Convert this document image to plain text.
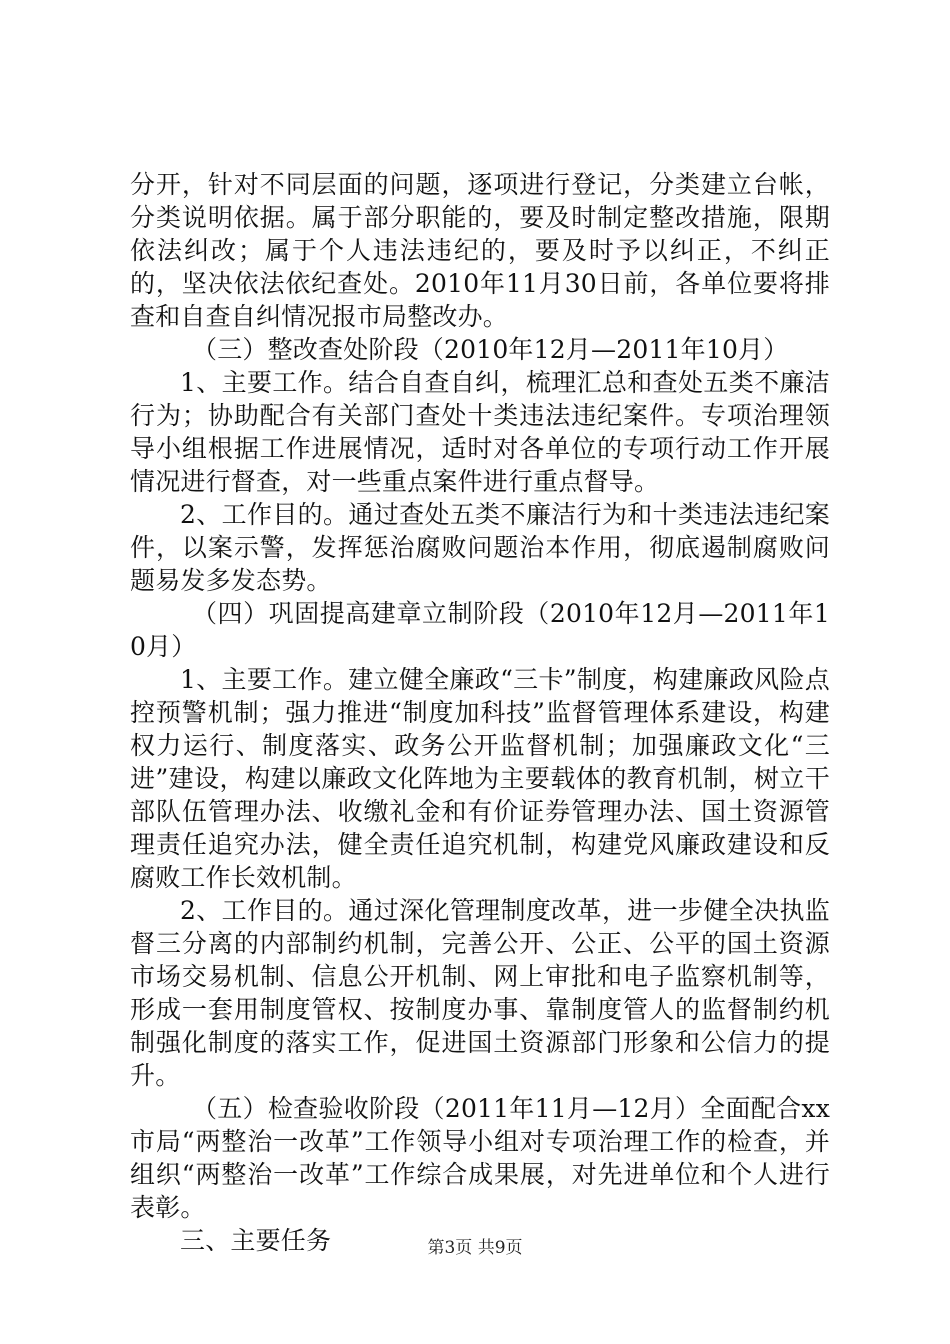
分开，针对不同层面的问题，逐项进行登记，分类建立台帐，分类说明依据。属于部分职能的，要及时制定整改措施，限期依法纠改；属于个人违法违纪的，要及时予以纠正，不纠正的，坚决依法依纪查处。2010年11月30日前，各单位要将排查和自查自纠情况报市局整改办。

（三）整改查处阶段（2010年12月—2011年10月）

1、主要工作。结合自查自纠，梳理汇总和查处五类不廉洁行为；协助配合有关部门查处十类违法违纪案件。专项治理领导小组根据工作进展情况，适时对各单位的专项行动工作开展情况进行督查，对一些重点案件进行重点督导。

2、工作目的。通过查处五类不廉洁行为和十类违法违纪案件，以案示警，发挥惩治腐败问题治本作用，彻底遏制腐败问题易发多发态势。

（四）巩固提高建章立制阶段（2010年12月—2011年10月）

1、主要工作。建立健全廉政“三卡”制度，构建廉政风险点控预警机制；强力推进“制度加科技”监督管理体系建设，构建权力运行、制度落实、政务公开监督机制；加强廉政文化“三进”建设，构建以廉政文化阵地为主要载体的教育机制，树立干部队伍管理办法、收缴礼金和有价证券管理办法、国土资源管理责任追究办法，健全责任追究机制，构建党风廉政建设和反腐败工作长效机制。

2、工作目的。通过深化管理制度改革，进一步健全决执监督三分离的内部制约机制，完善公开、公正、公平的国土资源市场交易机制、信息公开机制、网上审批和电子监察机制等，形成一套用制度管权、按制度办事、靠制度管人的监督制约机制强化制度的落实工作，促进国土资源部门形象和公信力的提升。

（五）检查验收阶段（2011年11月—12月）全面配合xx市局“两整治一改革”工作领导小组对专项治理工作的检查，并组织“两整治一改革”工作综合成果展，对先进单位和个人进行表彰。

三、主要任务	第3页 共9页
